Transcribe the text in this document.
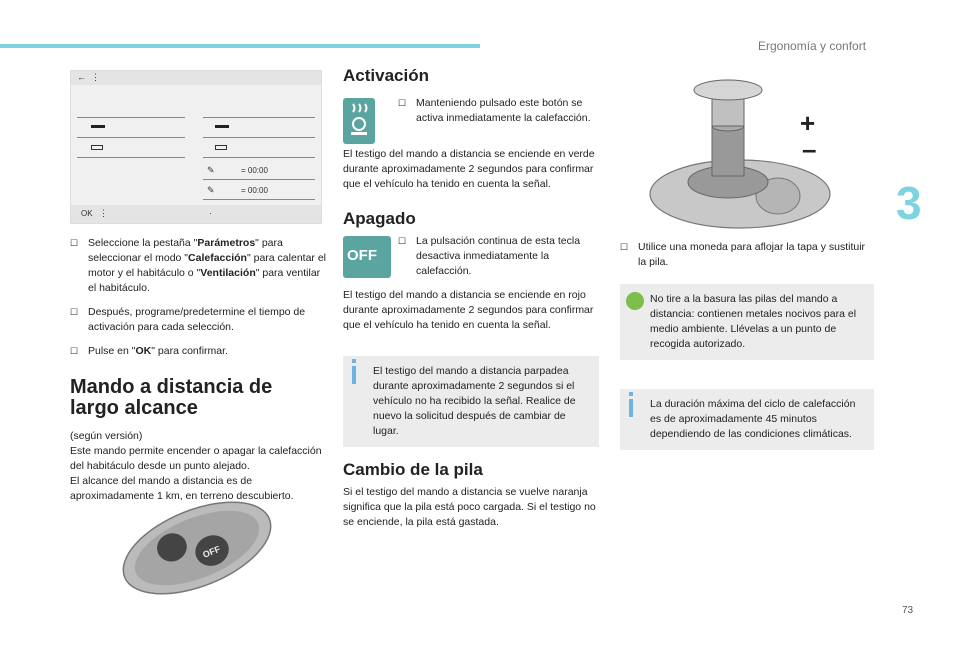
Ergonomía y confort
3
73
← ⋮
✎	= 00:00
✎	= 00:00
OK ⋮	·
☐ Seleccione la pestaña "Parámetros" para seleccionar el modo "Calefacción" para calentar el motor y el habitáculo o "Ventilación" para ventilar el habitáculo.
☐ Después, programe/predetermine el tiempo de activación para cada selección.
☐ Pulse en "OK" para confirmar.
Mando a distancia de largo alcance
(según versión)
Este mando permite encender o apagar la calefacción del habitáculo desde un punto alejado.
El alcance del mando a distancia es de aproximadamente 1 km, en terreno descubierto.
OFF
Activación
☐ Manteniendo pulsado este botón se activa inmediatamente la calefacción.
El testigo del mando a distancia se enciende en verde durante aproximadamente 2 segundos para confirmar que el vehículo ha tenido en cuenta la señal.
Apagado
OFF
☐ La pulsación continua de esta tecla desactiva inmediatamente la calefacción.
El testigo del mando a distancia se enciende en rojo durante aproximadamente 2 segundos para confirmar que el vehículo ha tenido en cuenta la señal.
El testigo del mando a distancia parpadea durante aproximadamente 2 segundos si el vehículo no ha recibido la señal. Realice de nuevo la solicitud después de cambiar de lugar.
Cambio de la pila
Si el testigo del mando a distancia se vuelve naranja significa que la pila está poco cargada. Si el testigo no se enciende, la pila está gastada.
+
–
☐ Utilice una moneda para aflojar la tapa y sustituir la pila.
No tire a la basura las pilas del mando a distancia: contienen metales nocivos para el medio ambiente. Llévelas a un punto de recogida autorizado.
La duración máxima del ciclo de calefacción es de aproximadamente 45 minutos dependiendo de las condiciones climáticas.
